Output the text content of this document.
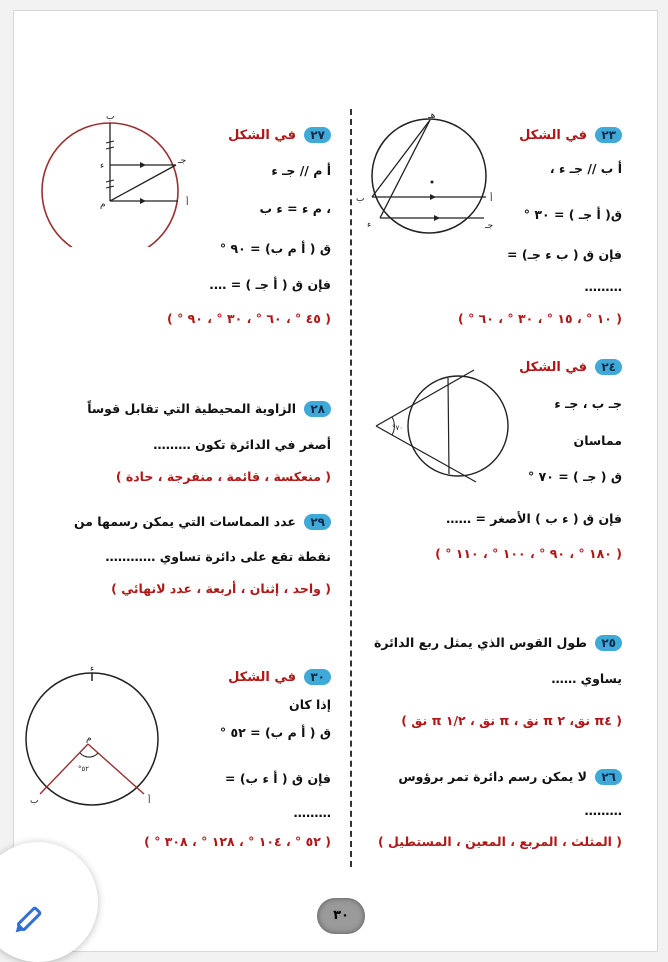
٢٣ في الشكل
أ ب // جـ ء ،
ق( أ جـ ) = ٣٠ °
فإن ق ( ب ء جـ) =
………
( ١٠ ° ، ١٥ ° ، ٣٠ ° ، ٦٠ ° )
هـ
ب	أ
ء	جـ
٢٤ في الشكل
جـ ب ، جـ ء
مماسان
ق ( جـ ) = ٧٠ °
فإن ق ( ء ب ) الأصغر = ……
( ١٨٠ ° ، ٩٠ ° ، ١٠٠ ° ، ١١٠ ° )
°٧٠
٢٥ طول القوس الذي يمثل ربع الدائرة
يساوي ……
( π٤ نق، ٢ π نق ، π نق ، ١/٢ π نق )
٢٦ لا يمكن رسم دائرة تمر برؤوس
………
( المثلث ، المربع ، المعين ، المستطيل )
٢٧ في الشكل
أ م // جـ ء
، م ء = ء ب
ق ( أ م ب) = ٩٠ °
فإن ق ( أ جـ ) = ….
( ٤٥ ° ، ٦٠ ° ، ٣٠ ° ، ٩٠ ° )
ب
ء
م	أ
جـ
٢٨ الزاوية المحيطية التي تقابل قوساً
أصغر في الدائرة تكون ………
( منعكسة ، قائمة ، منفرجة ، حادة )
٢٩ عدد المماسات التي يمكن رسمها من
نقطة تقع على دائرة تساوي …………
( واحد ، إثنان ، أربعة ، عدد لانهائي )
٣٠ في الشكل
إذا كان
ق ( أ م ب) = ٥٢ °
فإن ق ( أ ء ب) =
………
( ٥٢ ° ، ١٠٤ ° ، ١٢٨ ° ، ٣٠٨ ° )
°٥٢
ء
م
ب	أ
٣٠
